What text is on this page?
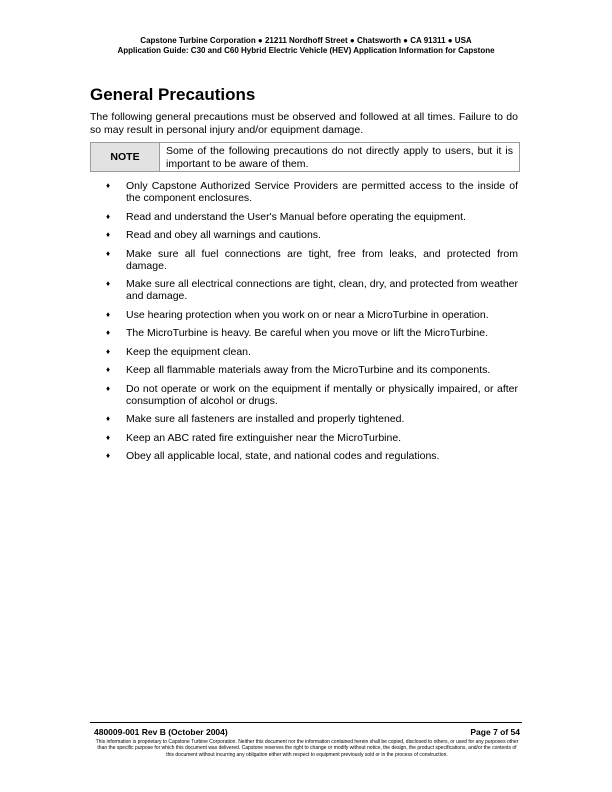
Capstone Turbine Corporation ● 21211 Nordhoff Street ● Chatsworth ● CA 91311 ● USA
Application Guide: C30 and C60 Hybrid Electric Vehicle (HEV) Application Information for Capstone
General Precautions

The following general precautions must be observed and followed at all times. Failure to do so may result in personal injury and/or equipment damage.

NOTE	Some of the following precautions do not directly apply to users, but it is important to be aware of them.
♦ Only Capstone Authorized Service Providers are permitted access to the inside of the component enclosures.
♦ Read and understand the User's Manual before operating the equipment.
♦ Read and obey all warnings and cautions.
♦ Make sure all fuel connections are tight, free from leaks, and protected from damage.
♦ Make sure all electrical connections are tight, clean, dry, and protected from weather and damage.
♦ Use hearing protection when you work on or near a MicroTurbine in operation.
♦ The MicroTurbine is heavy. Be careful when you move or lift the MicroTurbine.
♦ Keep the equipment clean.
♦ Keep all flammable materials away from the MicroTurbine and its components.
♦ Do not operate or work on the equipment if mentally or physically impaired, or after consumption of alcohol or drugs.
♦ Make sure all fasteners are installed and properly tightened.
♦ Keep an ABC rated fire extinguisher near the MicroTurbine.
♦ Obey all applicable local, state, and national codes and regulations.
480009-001 Rev B (October 2004)	Page 7 of 54
This information is proprietary to Capstone Turbine Corporation. Neither this document nor the information contained herein shall be copied, disclosed to others, or used for any purposes other than the specific purpose for which this document was delivered. Capstone reserves the right to change or modify without notice, the design, the product specifications, and/or the contents of this document without incurring any obligation either with respect to equipment previously sold or in the process of construction.
